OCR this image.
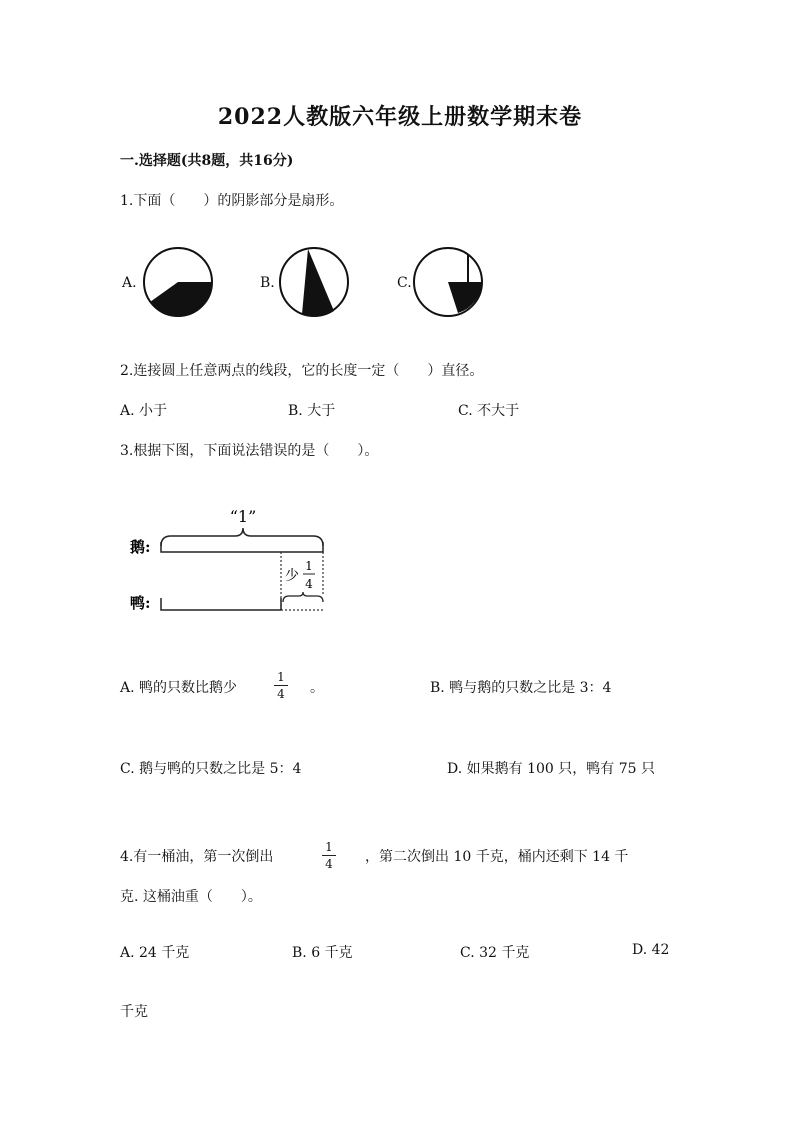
2022人教版六年级上册数学期末卷
一.选择题(共8题，共16分)
1.下面（　　）的阴影部分是扇形。
A.	B.	C.
2.连接圆上任意两点的线段，它的长度一定（　　）直径。
A. 小于	B. 大于	C. 不大于
3.根据下图，下面说法错误的是（　　）。
“1”
鹅:
少
1
4
鸭:
A. 鸭的只数比鹅少
1
4 。	B. 鸭与鹅的只数之比是 3：4
C. 鹅与鸭的只数之比是 5：4	D. 如果鹅有 100 只，鸭有 75 只
4.有一桶油，第一次倒出
1
4 ，第二次倒出 10 千克，桶内还剩下 14 千
克. 这桶油重（　　）。
A. 24 千克	B. 6 千克	C. 32 千克	D. 42
千克
